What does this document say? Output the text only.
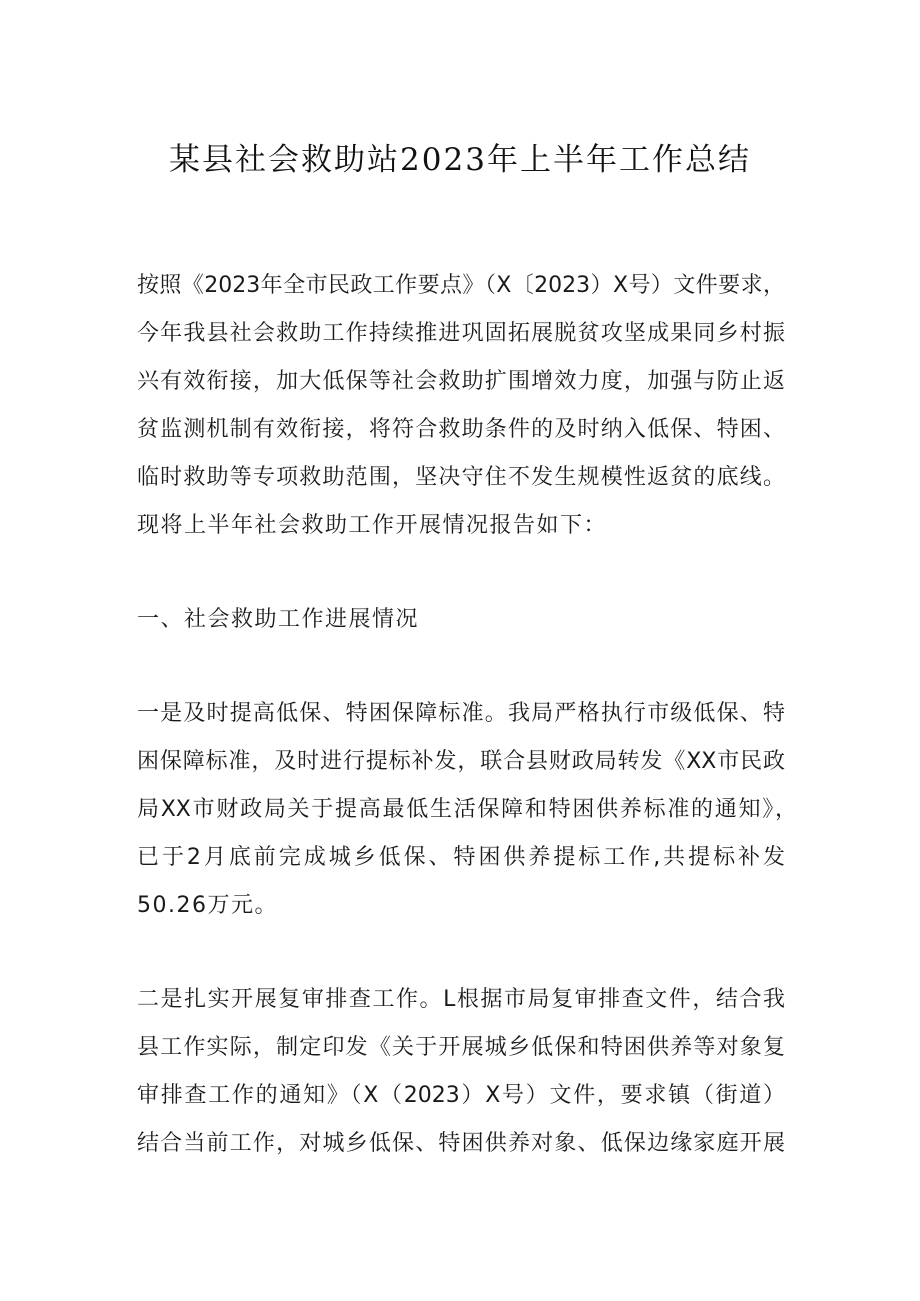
某县社会救助站2023年上半年工作总结
按照《2023年全市民政工作要点》（X〔2023）X号）文件要求，
今年我县社会救助工作持续推进巩固拓展脱贫攻坚成果同乡村振
兴有效衔接，加大低保等社会救助扩围增效力度，加强与防止返
贫监测机制有效衔接，将符合救助条件的及时纳入低保、特困、
临时救助等专项救助范围，坚决守住不发生规模性返贫的底线。
现将上半年社会救助工作开展情况报告如下：
一、社会救助工作进展情况
一是及时提高低保、特困保障标准。我局严格执行市级低保、特
困保障标准，及时进行提标补发，联合县财政局转发《XX市民政
局XX市财政局关于提高最低生活保障和特困供养标准的通知》，
已于2月底前完成城乡低保、特困供养提标工作,共提标补发
50.26万元。
二是扎实开展复审排查工作。L根据市局复审排查文件，结合我
县工作实际，制定印发《关于开展城乡低保和特困供养等对象复
审排查工作的通知》（X（2023）X号）文件，要求镇（街道）
结合当前工作，对城乡低保、特困供养对象、低保边缘家庭开展
